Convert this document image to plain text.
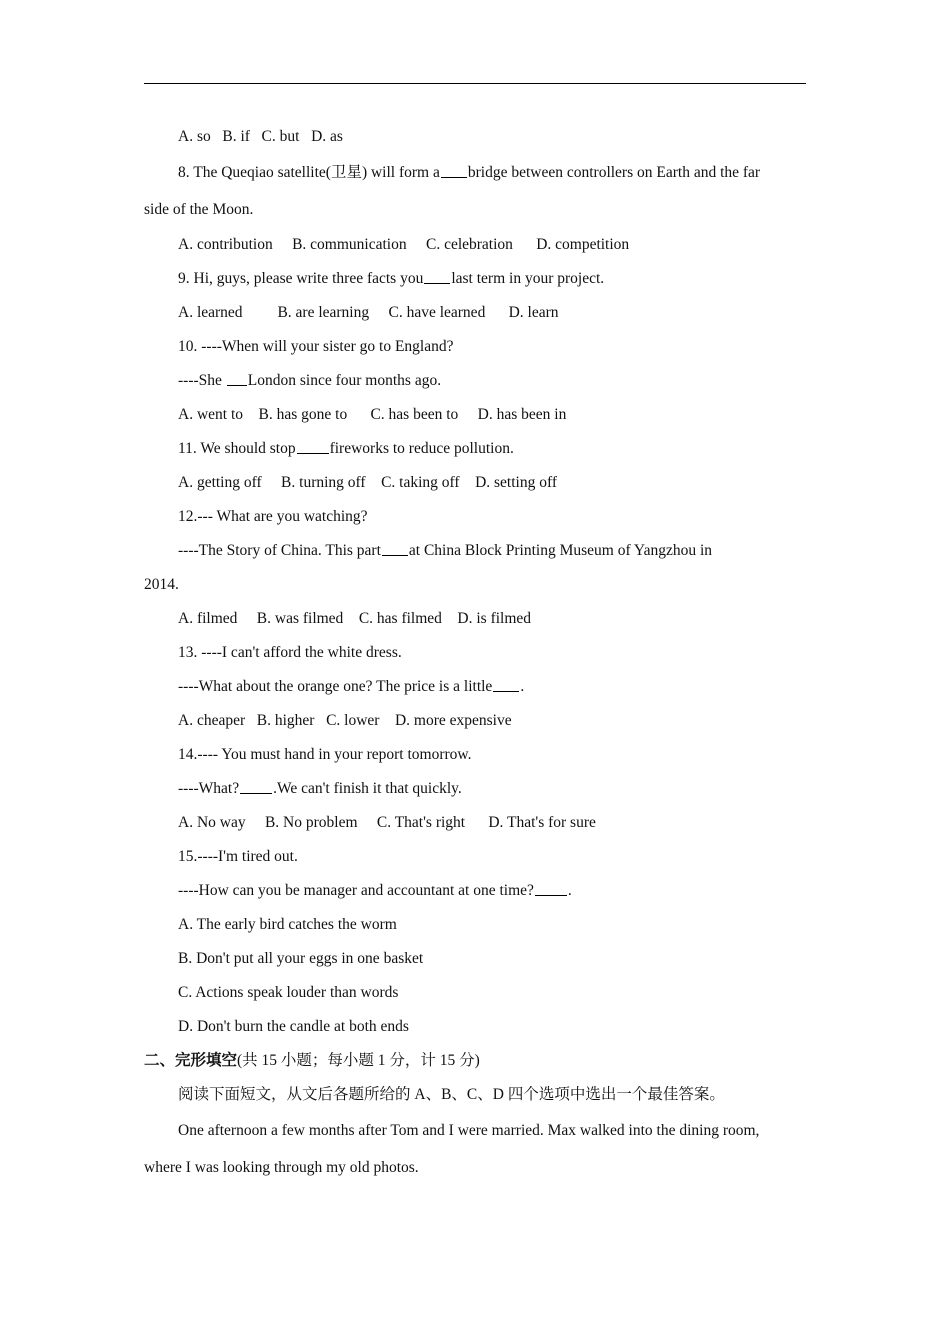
A. so B. if C. but D. as
8. The Queqiao satellite(卫星) will form a bridge between controllers on Earth and the far
side of the Moon.
A. contribution B. communication C. celebration D. competition
9. Hi, guys, please write three facts you last term in your project.
A. learned B. are learning C. have learned D. learn
10. ----When will your sister go to England?
----She London since four months ago.
A. went to B. has gone to C. has been to D. has been in
11. We should stop fireworks to reduce pollution.
A. getting off B. turning off C. taking off D. setting off
12.--- What are you watching?
----The Story of China. This part at China Block Printing Museum of Yangzhou in
2014.
A. filmed B. was filmed C. has filmed D. is filmed
13. ----I can't afford the white dress.
----What about the orange one? The price is a little .
A. cheaper B. higher C. lower D. more expensive
14.---- You must hand in your report tomorrow.
----What? .We can't finish it that quickly.
A. No way B. No problem C. That's right D. That's for sure
15.----I'm tired out.
----How can you be manager and accountant at one time? .
A. The early bird catches the worm
B. Don't put all your eggs in one basket
C. Actions speak louder than words
D. Don't burn the candle at both ends
二、完形填空(共 15 小题；每小题 1 分，计 15 分)
阅读下面短文，从文后各题所给的 A、B、C、D 四个选项中选出一个最佳答案。
One afternoon a few months after Tom and I were married. Max walked into the dining room,
where I was looking through my old photos.
